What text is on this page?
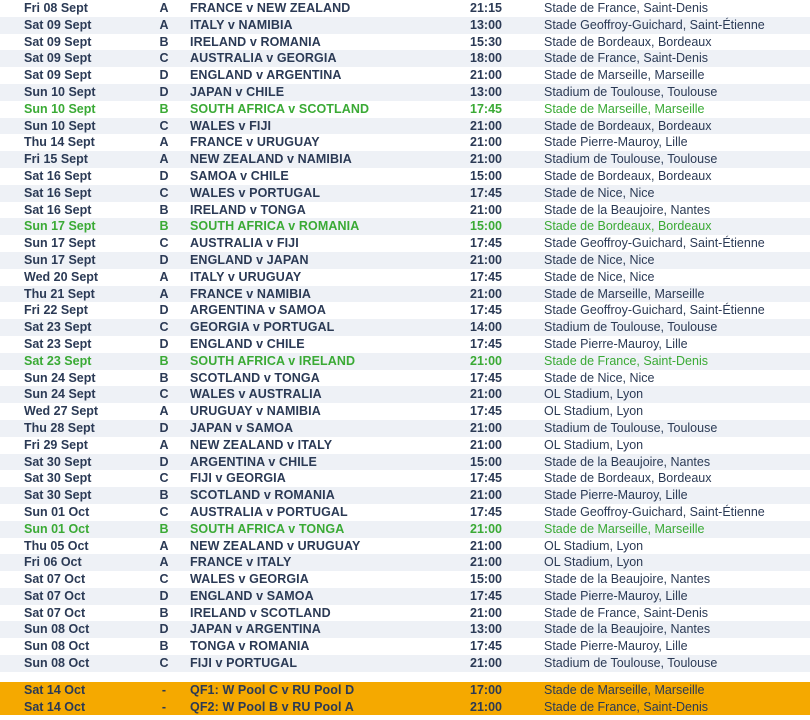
Fri 08 Sept	A	FRANCE v NEW ZEALAND	21:15	Stade de France, Saint-Denis
Sat 09 Sept	A	ITALY v NAMIBIA	13:00	Stade Geoffroy-Guichard, Saint-Étienne
Sat 09 Sept	B	IRELAND v ROMANIA	15:30	Stade de Bordeaux, Bordeaux
Sat 09 Sept	C	AUSTRALIA v GEORGIA	18:00	Stade de France, Saint-Denis
Sat 09 Sept	D	ENGLAND v ARGENTINA	21:00	Stade de Marseille, Marseille
Sun 10 Sept	D	JAPAN v CHILE	13:00	Stadium de Toulouse, Toulouse
Sun 10 Sept	B	SOUTH AFRICA v SCOTLAND	17:45	Stade de Marseille, Marseille
Sun 10 Sept	C	WALES v FIJI	21:00	Stade de Bordeaux, Bordeaux
Thu 14 Sept	A	FRANCE v URUGUAY	21:00	Stade Pierre-Mauroy, Lille
Fri 15 Sept	A	NEW ZEALAND v NAMIBIA	21:00	Stadium de Toulouse, Toulouse
Sat 16 Sept	D	SAMOA v CHILE	15:00	Stade de Bordeaux, Bordeaux
Sat 16 Sept	C	WALES v PORTUGAL	17:45	Stade de Nice, Nice
Sat 16 Sept	B	IRELAND v TONGA	21:00	Stade de la Beaujoire, Nantes
Sun 17 Sept	B	SOUTH AFRICA v ROMANIA	15:00	Stade de Bordeaux, Bordeaux
Sun 17 Sept	C	AUSTRALIA v FIJI	17:45	Stade Geoffroy-Guichard, Saint-Étienne
Sun 17 Sept	D	ENGLAND v JAPAN	21:00	Stade de Nice, Nice
Wed 20 Sept	A	ITALY v URUGUAY	17:45	Stade de Nice, Nice
Thu 21 Sept	A	FRANCE v NAMIBIA	21:00	Stade de Marseille, Marseille
Fri 22 Sept	D	ARGENTINA v SAMOA	17:45	Stade Geoffroy-Guichard, Saint-Étienne
Sat 23 Sept	C	GEORGIA v PORTUGAL	14:00	Stadium de Toulouse, Toulouse
Sat 23 Sept	D	ENGLAND v CHILE	17:45	Stade Pierre-Mauroy, Lille
Sat 23 Sept	B	SOUTH AFRICA v IRELAND	21:00	Stade de France, Saint-Denis
Sun 24 Sept	B	SCOTLAND v TONGA	17:45	Stade de Nice, Nice
Sun 24 Sept	C	WALES v AUSTRALIA	21:00	OL Stadium, Lyon
Wed 27 Sept	A	URUGUAY v NAMIBIA	17:45	OL Stadium, Lyon
Thu 28 Sept	D	JAPAN v SAMOA	21:00	Stadium de Toulouse, Toulouse
Fri 29 Sept	A	NEW ZEALAND v ITALY	21:00	OL Stadium, Lyon
Sat 30 Sept	D	ARGENTINA v CHILE	15:00	Stade de la Beaujoire, Nantes
Sat 30 Sept	C	FIJI v GEORGIA	17:45	Stade de Bordeaux, Bordeaux
Sat 30 Sept	B	SCOTLAND v ROMANIA	21:00	Stade Pierre-Mauroy, Lille
Sun 01 Oct	C	AUSTRALIA v PORTUGAL	17:45	Stade Geoffroy-Guichard, Saint-Étienne
Sun 01 Oct	B	SOUTH AFRICA v TONGA	21:00	Stade de Marseille, Marseille
Thu 05 Oct	A	NEW ZEALAND v URUGUAY	21:00	OL Stadium, Lyon
Fri 06 Oct	A	FRANCE v ITALY	21:00	OL Stadium, Lyon
Sat 07 Oct	C	WALES v GEORGIA	15:00	Stade de la Beaujoire, Nantes
Sat 07 Oct	D	ENGLAND v SAMOA	17:45	Stade Pierre-Mauroy, Lille
Sat 07 Oct	B	IRELAND v SCOTLAND	21:00	Stade de France, Saint-Denis
Sun 08 Oct	D	JAPAN v ARGENTINA	13:00	Stade de la Beaujoire, Nantes
Sun 08 Oct	B	TONGA v ROMANIA	17:45	Stade Pierre-Mauroy, Lille
Sun 08 Oct	C	FIJI v PORTUGAL	21:00	Stadium de Toulouse, Toulouse

Sat 14 Oct	-	QF1: W Pool C v RU Pool D	17:00	Stade de Marseille, Marseille
Sat 14 Oct	-	QF2: W Pool B v RU Pool A	21:00	Stade de France, Saint-Denis
